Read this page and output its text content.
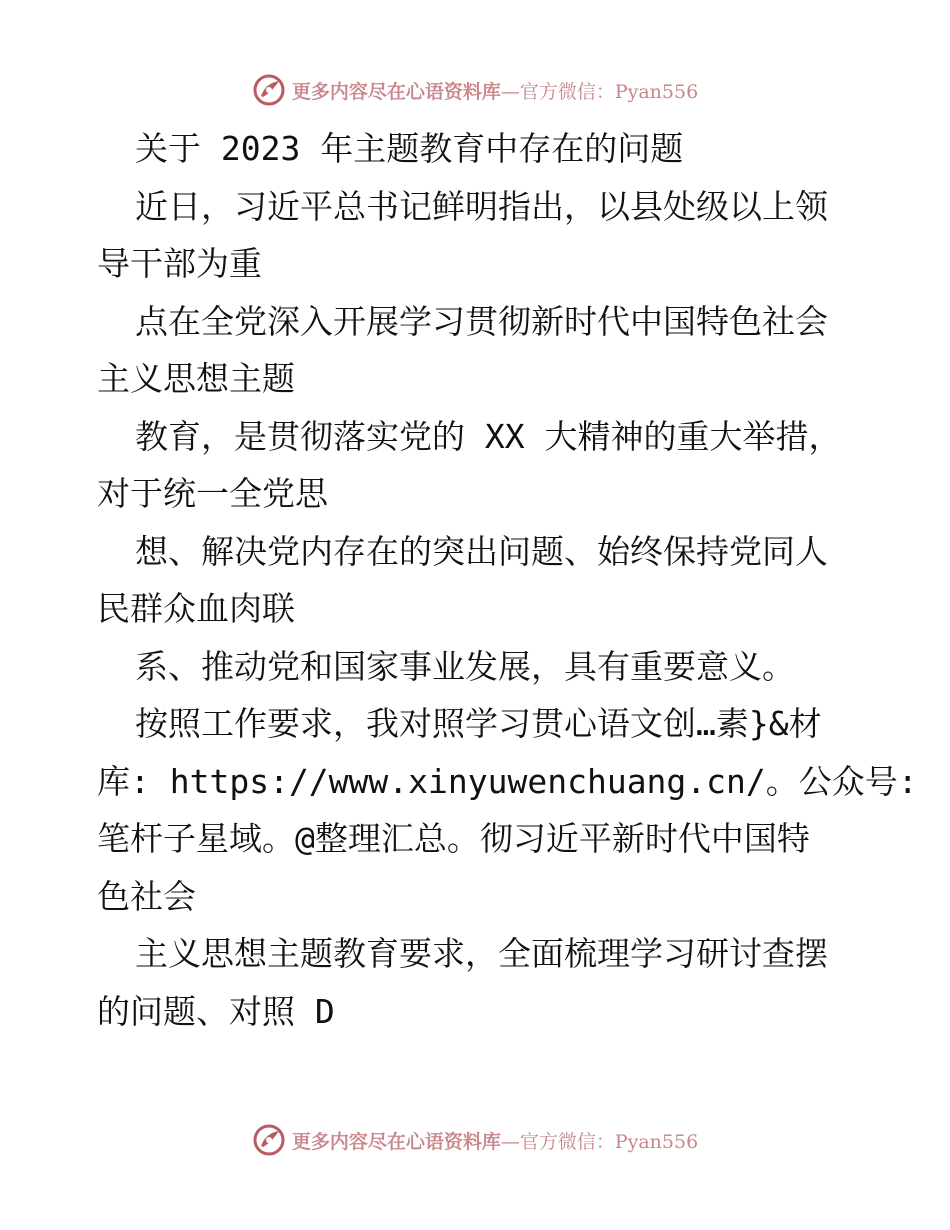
更多内容尽在心语资料库—官方微信：Pyan556
关于 2023 年主题教育中存在的问题
近日，习近平总书记鲜明指出，以县处级以上领
导干部为重
点在全党深入开展学习贯彻新时代中国特色社会
主义思想主题
教育，是贯彻落实党的 XX 大精神的重大举措，
对于统一全党思
想、解决党内存在的突出问题、始终保持党同人
民群众血肉联
系、推动党和国家事业发展，具有重要意义。
按照工作要求，我对照学习贯心语文创…素}&材
库: https://www.xinyuwenchuang.cn/。公众号:
笔杆子星域。@整理汇总。彻习近平新时代中国特
色社会
主义思想主题教育要求，全面梳理学习研讨查摆
的问题、对照 D
更多内容尽在心语资料库—官方微信：Pyan556
